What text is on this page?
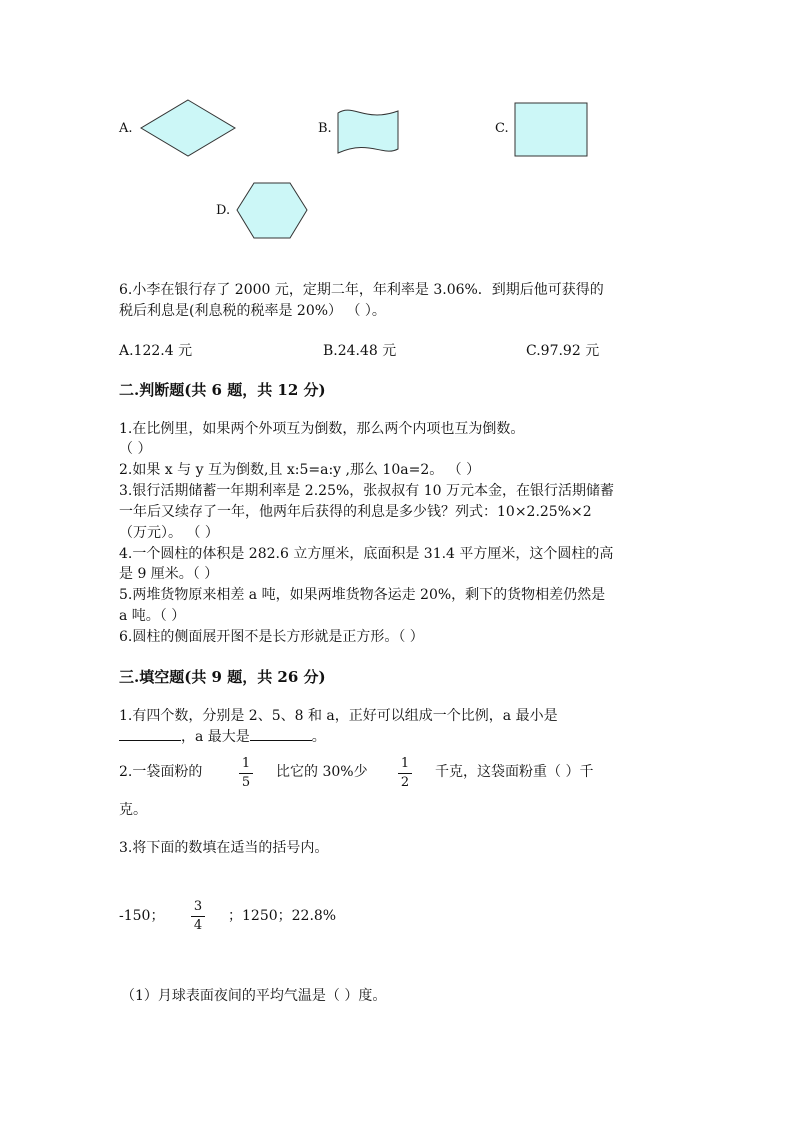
A.	B.	C.
D.
6.小李在银行存了 2000 元，定期二年，年利率是 3.06%．到期后他可获得的
税后利息是(利息税的税率是 20%） （ ）。
A.122.4 元	B.24.48 元	C.97.92 元
二.判断题(共 6 题，共 12 分)
1.在比例里，如果两个外项互为倒数，那么两个内项也互为倒数。
（ ）
2.如果 x 与 y 互为倒数,且 x:5=a:y ,那么 10a=2。 （ ）
3.银行活期储蓄一年期利率是 2.25%，张叔叔有 10 万元本金，在银行活期储蓄
一年后又续存了一年，他两年后获得的利息是多少钱？列式：10×2.25%×2
（万元）。 （ ）
4.一个圆柱的体积是 282.6 立方厘米，底面积是 31.4 平方厘米，这个圆柱的高
是 9 厘米。（ ）
5.两堆货物原来相差 a 吨，如果两堆货物各运走 20%，剩下的货物相差仍然是
a 吨。（ ）
6.圆柱的侧面展开图不是长方形就是正方形。（ ）
三.填空题(共 9 题，共 26 分)
1.有四个数，分别是 2、5、8 和 a，正好可以组成一个比例，a 最小是
，a 最大是	。
2.一袋面粉的
1
5
比它的 30%少
1
2
千克，这袋面粉重（ ）千
克。
3.将下面的数填在适当的括号内。
-150；
3
4
；1250；22.8%
（1）月球表面夜间的平均气温是（ ）度。
